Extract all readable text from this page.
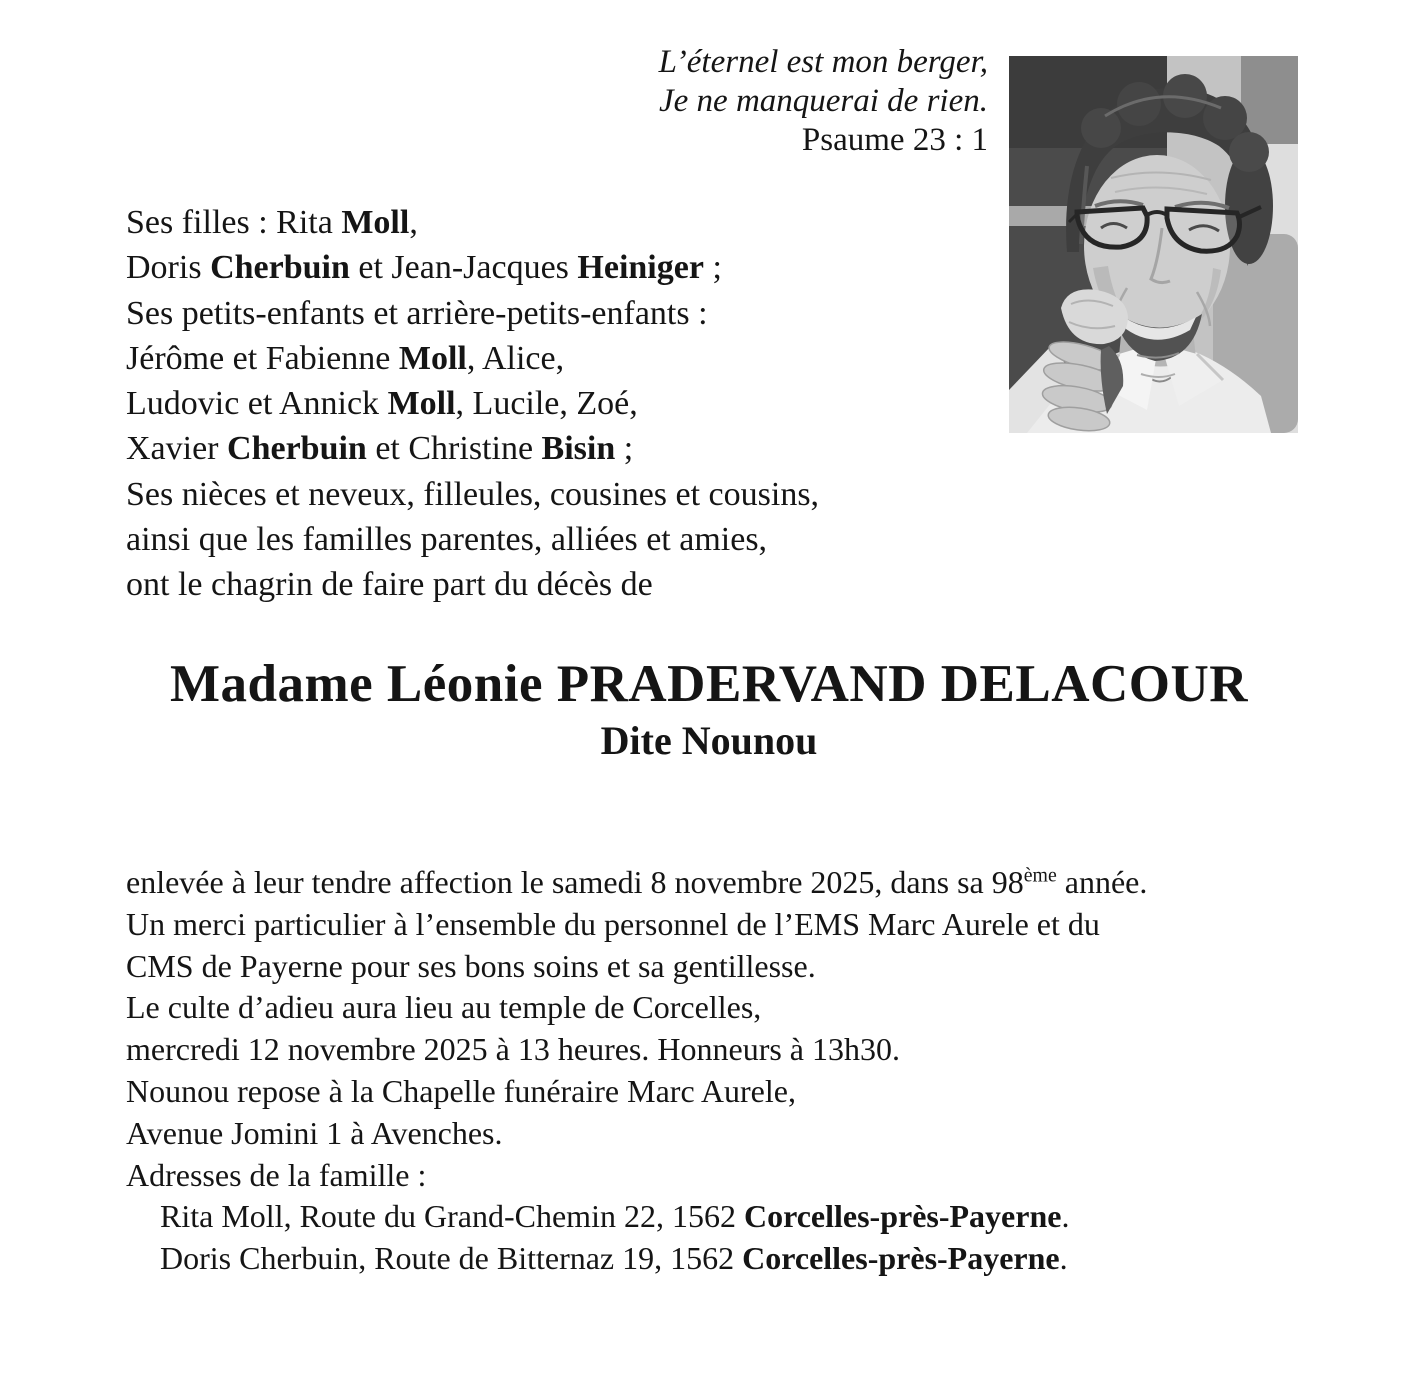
L’éternel est mon berger,
Je ne manquerai de rien.
Psaume 23 : 1

Ses filles : Rita Moll,

Doris Cherbuin et Jean-Jacques Heiniger ;

Ses petits-enfants et arrière-petits-enfants :

Jérôme et Fabienne Moll, Alice,

Ludovic et Annick Moll, Lucile, Zoé,

Xavier Cherbuin et Christine Bisin ;

Ses nièces et neveux, filleules, cousines et cousins,

ainsi que les familles parentes, alliées et amies,

ont le chagrin de faire part du décès de

Madame Léonie PRADERVAND DELACOUR
Dite Nounou

enlevée à leur tendre affection le samedi 8 novembre 2025, dans sa 98ème année.

Un merci particulier à l’ensemble du personnel de l’EMS Marc Aurele et du

CMS de Payerne pour ses bons soins et sa gentillesse.

Le culte d’adieu aura lieu au temple de Corcelles,

mercredi 12 novembre 2025 à 13 heures. Honneurs à 13h30.

Nounou repose à la Chapelle funéraire Marc Aurele,

Avenue Jomini 1 à Avenches.

Adresses de la famille :

Rita Moll, Route du Grand-Chemin 22, 1562 Corcelles-près-Payerne.

Doris Cherbuin, Route de Bitternaz 19, 1562 Corcelles-près-Payerne.
